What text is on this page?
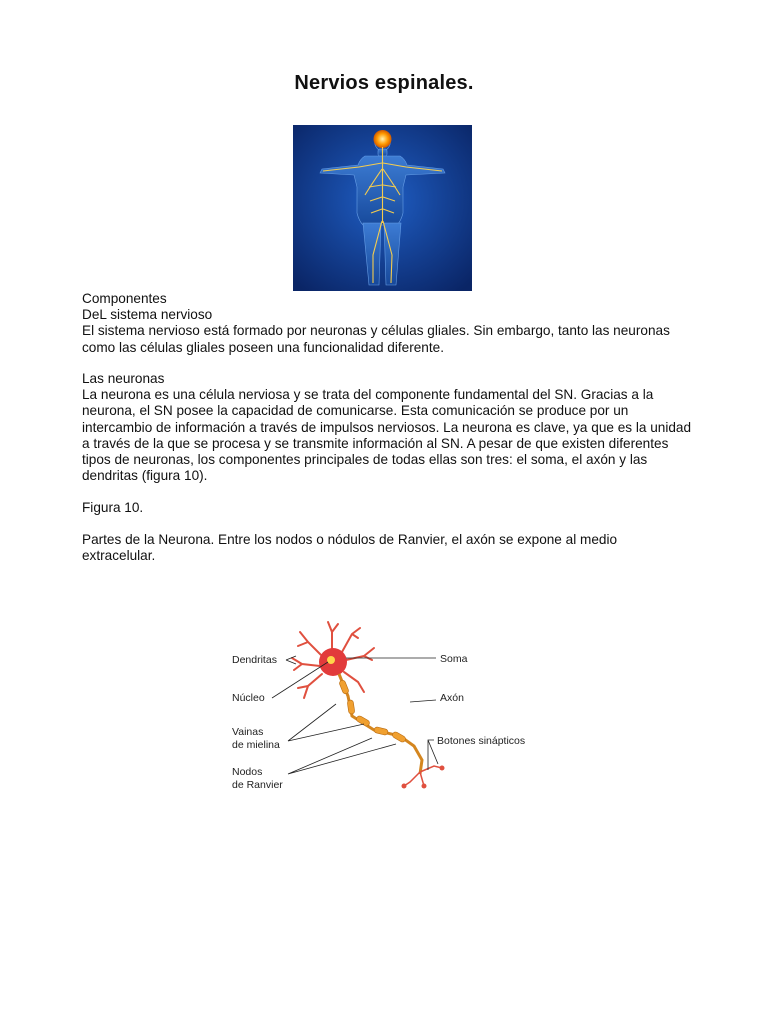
Nervios espinales.

Componentes

DeL sistema nervioso

El sistema nervioso está formado por neuronas y células gliales. Sin embargo, tanto las neuronas como las células gliales poseen una funcionalidad diferente.

Las neuronas

La neurona es una célula nerviosa y se trata del componente fundamental del SN. Gracias a la neurona, el SN posee la capacidad de comunicarse. Esta comunicación se produce por un intercambio de información a través de impulsos nerviosos. La neurona es clave, ya que es la unidad a través de la que se procesa y se transmite información al SN. A pesar de que existen diferentes tipos de neuronas, los componentes principales de todas ellas son tres: el soma, el axón y las dendritas (figura 10).

Figura 10.

Partes de la Neurona. Entre los nodos o nódulos de Ranvier, el axón se expone al medio extracelular.

Dendritas
Núcleo
Vainas
de mielina
Nodos
de Ranvier
Soma
Axón
Botones sinápticos
